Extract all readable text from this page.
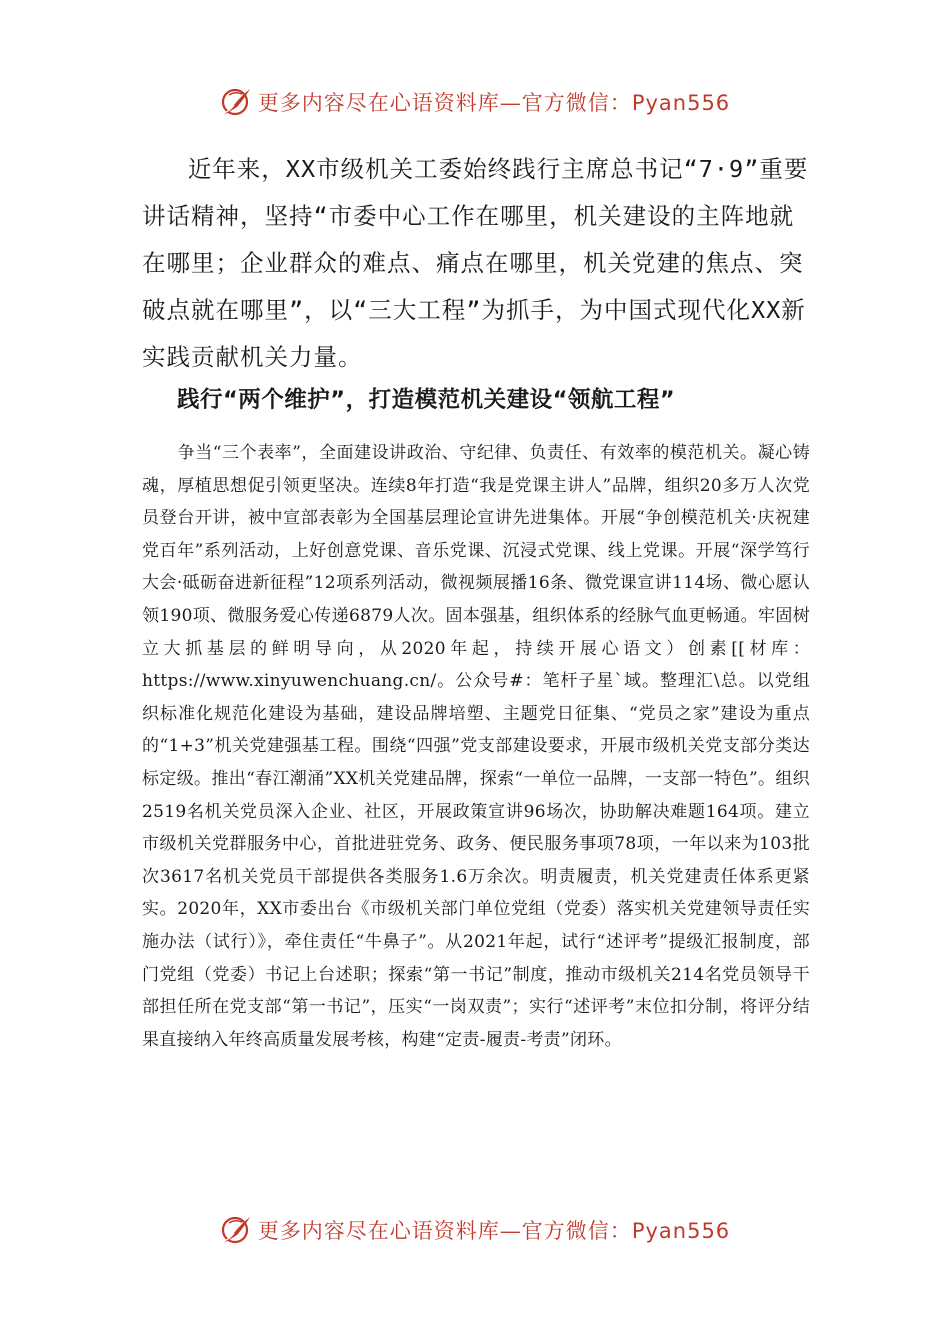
更多内容尽在心语资料库—官方微信：Pyan556
近年来，XX市级机关工委始终践行主席总书记“7·9”重要讲话精神，坚持“市委中心工作在哪里，机关建设的主阵地就在哪里；企业群众的难点、痛点在哪里，机关党建的焦点、突破点就在哪里”，以“三大工程”为抓手，为中国式现代化XX新实践贡献机关力量。
践行“两个维护”，打造模范机关建设“领航工程”
争当“三个表率”，全面建设讲政治、守纪律、负责任、有效率的模范机关。凝心铸魂，厚植思想促引领更坚决。连续8年打造“我是党课主讲人”品牌，组织20多万人次党员登台开讲，被中宣部表彰为全国基层理论宣讲先进集体。开展“争创模范机关·庆祝建党百年”系列活动，上好创意党课、音乐党课、沉浸式党课、线上党课。开展“深学笃行大会·砥砺奋进新征程”12项系列活动，微视频展播16条、微党课宣讲114场、微心愿认领190项、微服务爱心传递6879人次。固本强基，组织体系的经脉气血更畅通。牢固树立大抓基层的鲜明导向，从2020年起，持续开展心语文）创素[[材库：https://www.xinyuwenchuang.cn/。公众号#：笔杆子星`域。整理汇\总。以党组织标准化规范化建设为基础，建设品牌培塑、主题党日征集、“党员之家”建设为重点的“1+3”机关党建强基工程。围绕“四强”党支部建设要求，开展市级机关党支部分类达标定级。推出“春江潮涌”XX机关党建品牌，探索“一单位一品牌，一支部一特色”。组织2519名机关党员深入企业、社区，开展政策宣讲96场次，协助解决难题164项。建立市级机关党群服务中心，首批进驻党务、政务、便民服务事项78项，一年以来为103批次3617名机关党员干部提供各类服务1.6万余次。明责履责，机关党建责任体系更紧实。2020年，XX市委出台《市级机关部门单位党组（党委）落实机关党建领导责任实施办法（试行）》，牵住责任“牛鼻子”。从2021年起，试行“述评考”提级汇报制度，部门党组（党委）书记上台述职；探索“第一书记”制度，推动市级机关214名党员领导干部担任所在党支部“第一书记”，压实“一岗双责”；实行“述评考”末位扣分制，将评分结果直接纳入年终高质量发展考核，构建“定责-履责-考责”闭环。
更多内容尽在心语资料库—官方微信：Pyan556
